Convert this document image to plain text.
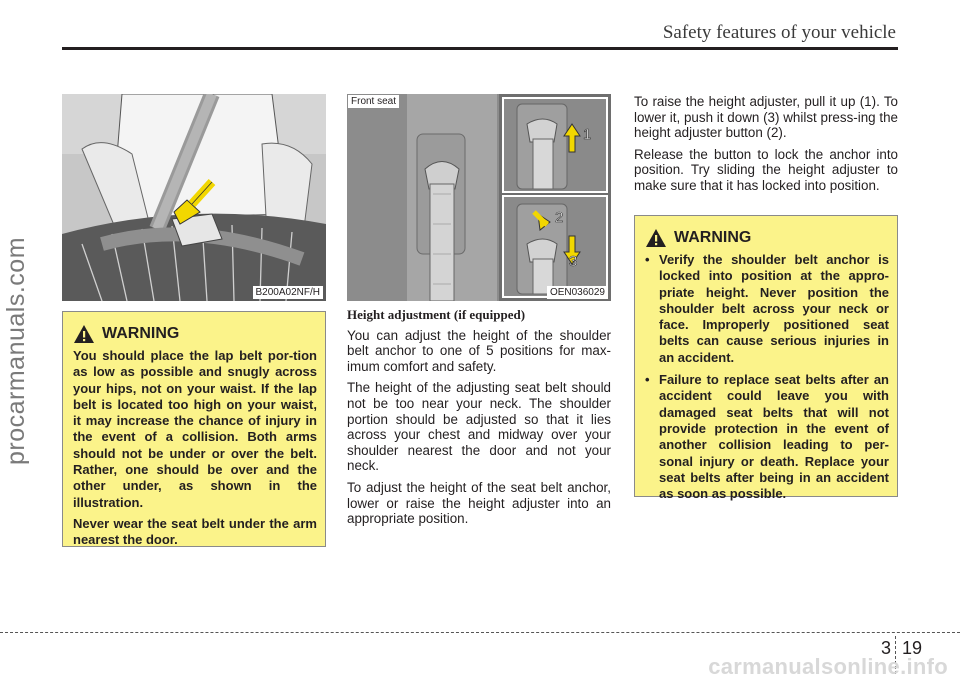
Safety features of your vehicle
procarmanuals.com	B200A02NF/H
1
2
3
Front seat
OEN036029
WARNING

You should place the lap belt por-tion as low as possible and snugly across your hips, not on your waist. If the lap belt is located too high on your waist, it may increase the chance of injury in the event of a collision. Both arms should not be under or over the belt. Rather, one should be over and the other under, as shown in the illustration.

Never wear the seat belt under the arm nearest the door.

Height adjustment (if equipped)

You can adjust the height of the shoulder belt anchor to one of 5 positions for max-imum comfort and safety.

The height of the adjusting seat belt should not be too near your neck. The shoulder portion should be adjusted so that it lies across your chest and midway over your shoulder nearest the door and not your neck.

To adjust the height of the seat belt anchor, lower or raise the height adjuster into an appropriate position.

To raise the height adjuster, pull it up (1). To lower it, push it down (3) whilst press-ing the height adjuster button (2).

Release the button to lock the anchor into position. Try sliding the height adjuster to make sure that it has locked into position.

WARNING
• Verify the shoulder belt anchor is locked into position at the appro-priate height. Never position the shoulder belt across your neck or face. Improperly positioned seat belts can cause serious injuries in an accident.
• Failure to replace seat belts after an accident could leave you with damaged seat belts that will not provide protection in the event of another collision leading to per-sonal injury or death. Replace your seat belts after being in an accident as soon as possible.
3 19
carmanualsonline.info
